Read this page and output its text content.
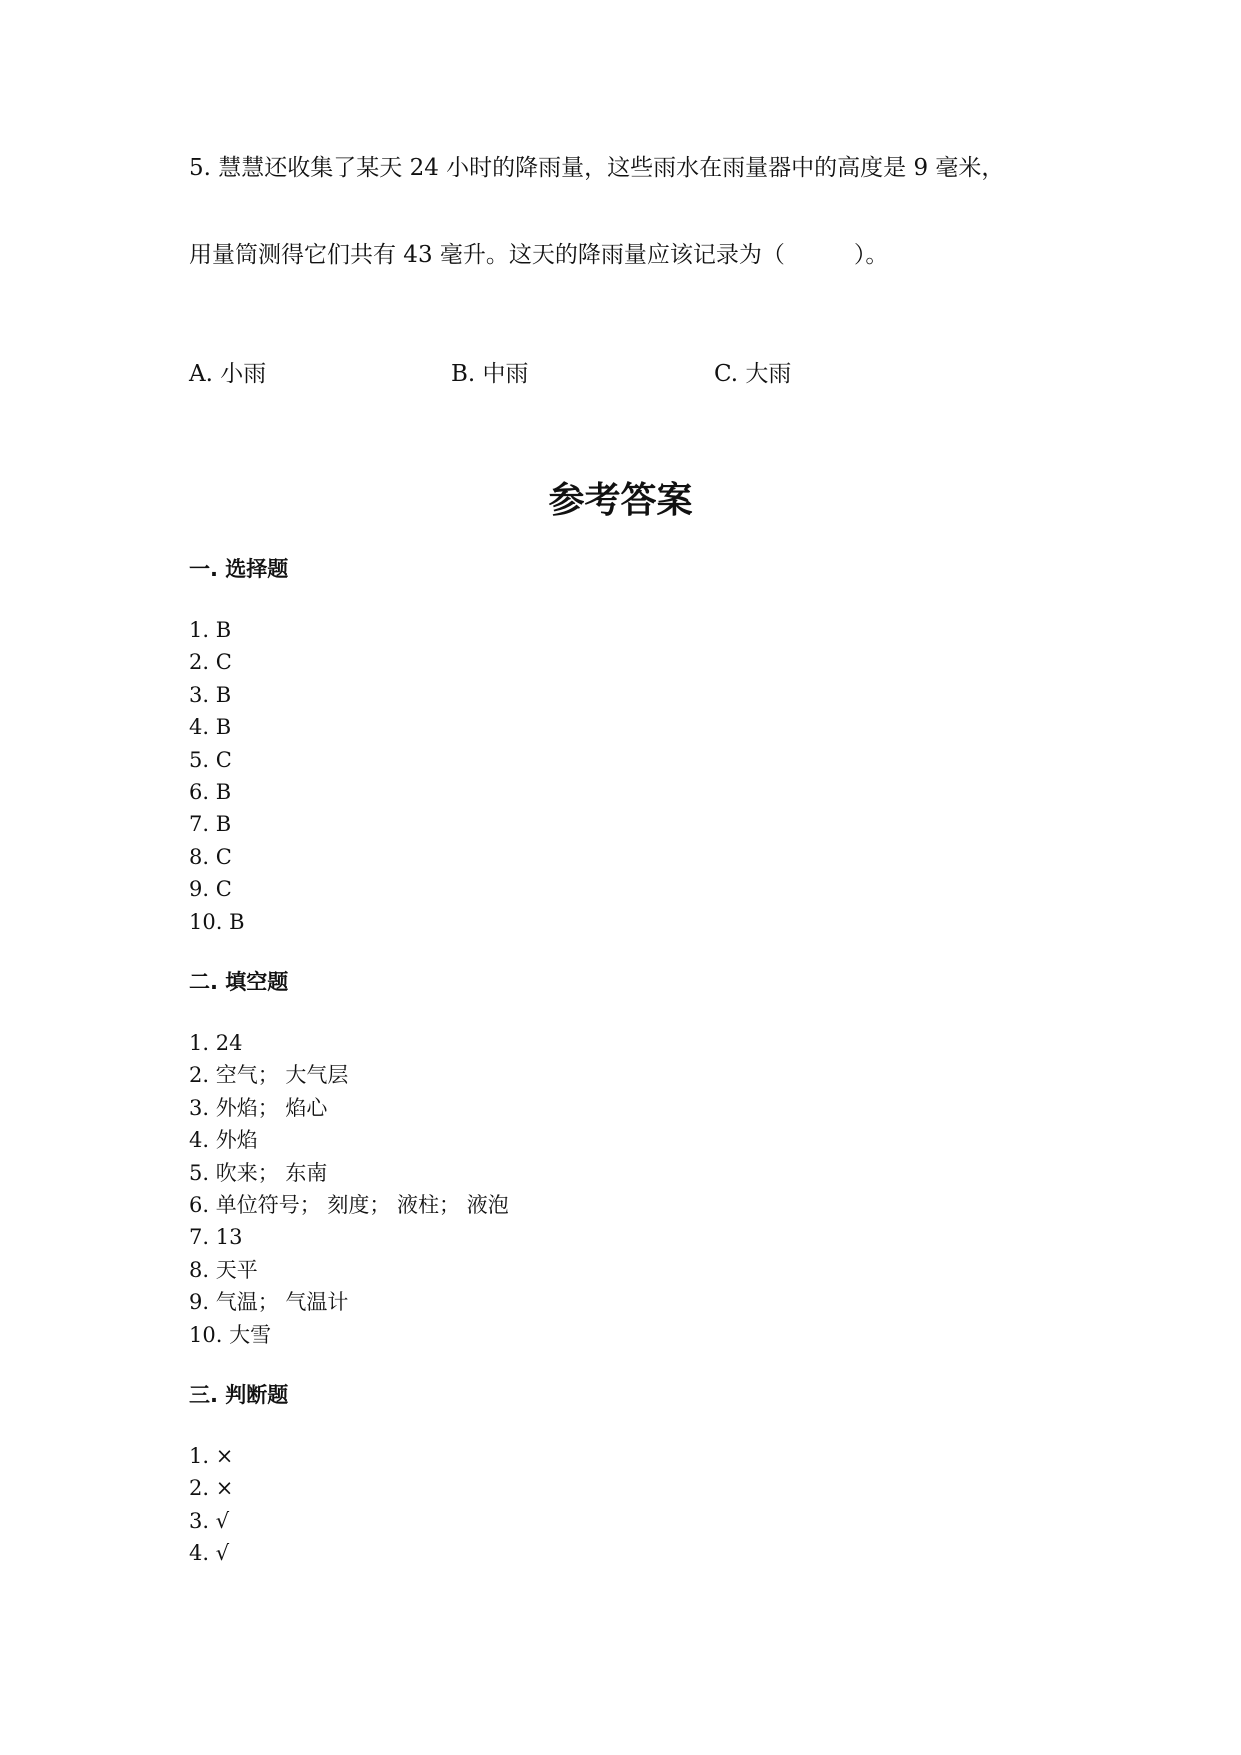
5. 慧慧还收集了某天 24 小时的降雨量，这些雨水在雨量器中的高度是 9 毫米，
用量筒测得它们共有 43 毫升。这天的降雨量应该记录为（　　　）。
A. 小雨	B. 中雨	C. 大雨
参考答案
一. 选择题
1. B
2. C
3. B
4. B
5. C
6. B
7. B
8. C
9. C
10. B
二. 填空题
1. 24
2. 空气； 大气层
3. 外焰； 焰心
4. 外焰
5. 吹来； 东南
6. 单位符号； 刻度； 液柱； 液泡
7. 13
8. 天平
9. 气温； 气温计
10. 大雪
三. 判断题
1. ×
2. ×
3. √
4. √
